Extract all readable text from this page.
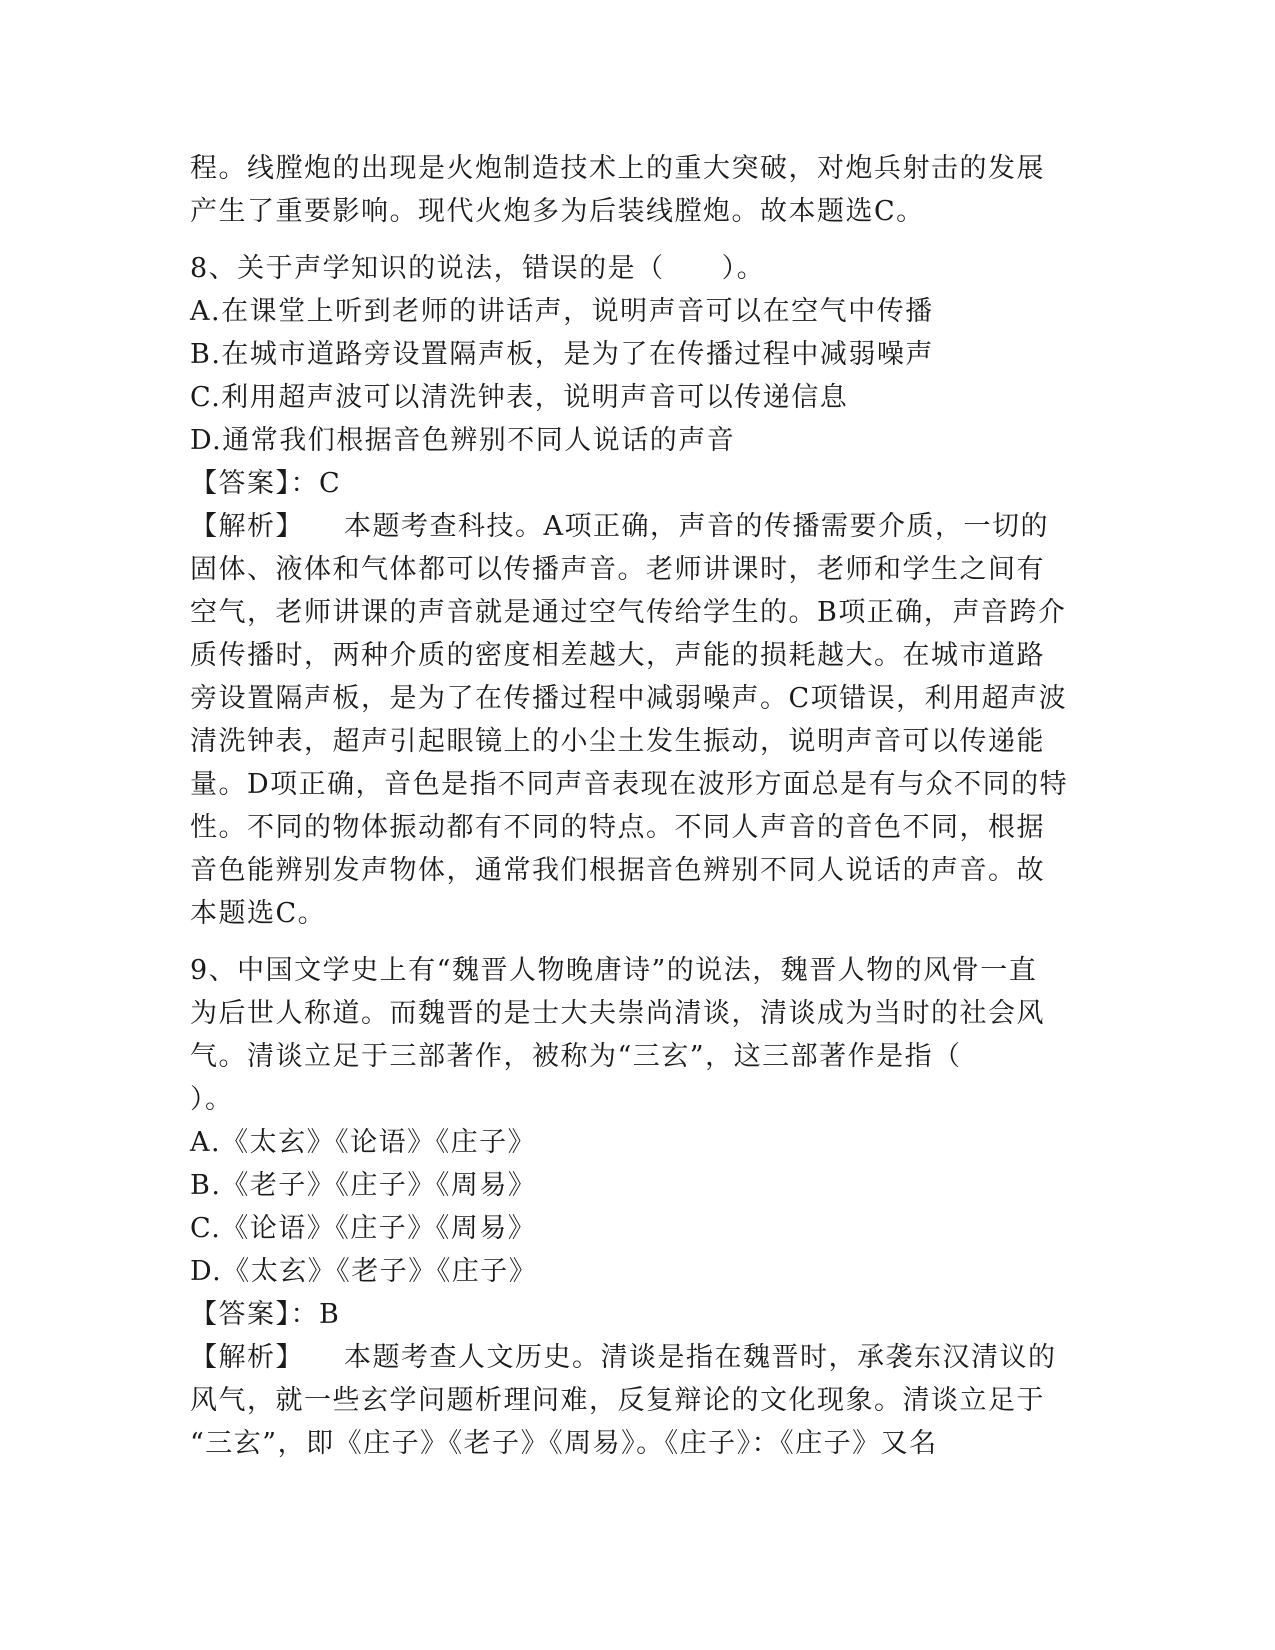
程。线膛炮的出现是火炮制造技术上的重大突破，对炮兵射击的发展
产生了重要影响。现代火炮多为后装线膛炮。故本题选C。
8、关于声学知识的说法，错误的是（　　）。
A.在课堂上听到老师的讲话声，说明声音可以在空气中传播
B.在城市道路旁设置隔声板，是为了在传播过程中减弱噪声
C.利用超声波可以清洗钟表，说明声音可以传递信息
D.通常我们根据音色辨别不同人说话的声音
【答案】：C
【解析】 本题考查科技。A项正确，声音的传播需要介质，一切的
固体、液体和气体都可以传播声音。老师讲课时，老师和学生之间有
空气，老师讲课的声音就是通过空气传给学生的。B项正确，声音跨介
质传播时，两种介质的密度相差越大，声能的损耗越大。在城市道路
旁设置隔声板，是为了在传播过程中减弱噪声。C项错误，利用超声波
清洗钟表，超声引起眼镜上的小尘土发生振动，说明声音可以传递能
量。D项正确，音色是指不同声音表现在波形方面总是有与众不同的特
性。不同的物体振动都有不同的特点。不同人声音的音色不同，根据
音色能辨别发声物体，通常我们根据音色辨别不同人说话的声音。故
本题选C。
9、中国文学史上有“魏晋人物晚唐诗”的说法，魏晋人物的风骨一直
为后世人称道。而魏晋的是士大夫崇尚清谈，清谈成为当时的社会风
气。清谈立足于三部著作，被称为“三玄”，这三部著作是指（
）。
A.《太玄》《论语》《庄子》
B.《老子》《庄子》《周易》
C.《论语》《庄子》《周易》
D.《太玄》《老子》《庄子》
【答案】：B
【解析】 本题考查人文历史。清谈是指在魏晋时，承袭东汉清议的
风气，就一些玄学问题析理问难，反复辩论的文化现象。清谈立足于
“三玄”，即《庄子》《老子》《周易》。《庄子》：《庄子》又名
